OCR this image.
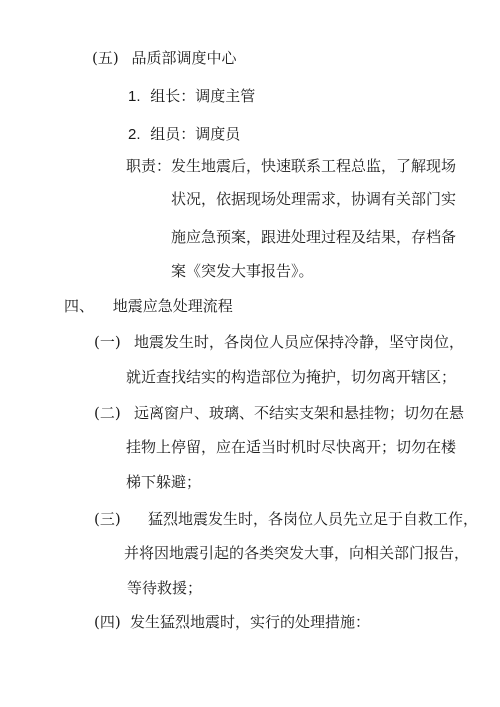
(五) 品质部调度中心
1. 组长：调度主管
2. 组员：调度员
职责： 发生地震后，快速联系工程总监，了解现场
状况，依据现场处理需求，协调有关部门实
施应急预案，跟进处理过程及结果，存档备
案《突发大事报告》。
四、 地震应急处理流程
(一) 地震发生时，各岗位人员应保持冷静，坚守岗位，
就近查找结实的构造部位为掩护，切勿离开辖区；
(二) 远离窗户、玻璃、不结实支架和悬挂物；切勿在悬
挂物上停留，应在适当时机时尽快离开；切勿在楼
梯下躲避；
(三) 猛烈地震发生时，各岗位人员先立足于自救工作，
并将因地震引起的各类突发大事，向相关部门报告，
等待救援；
(四) 发生猛烈地震时，实行的处理措施：
